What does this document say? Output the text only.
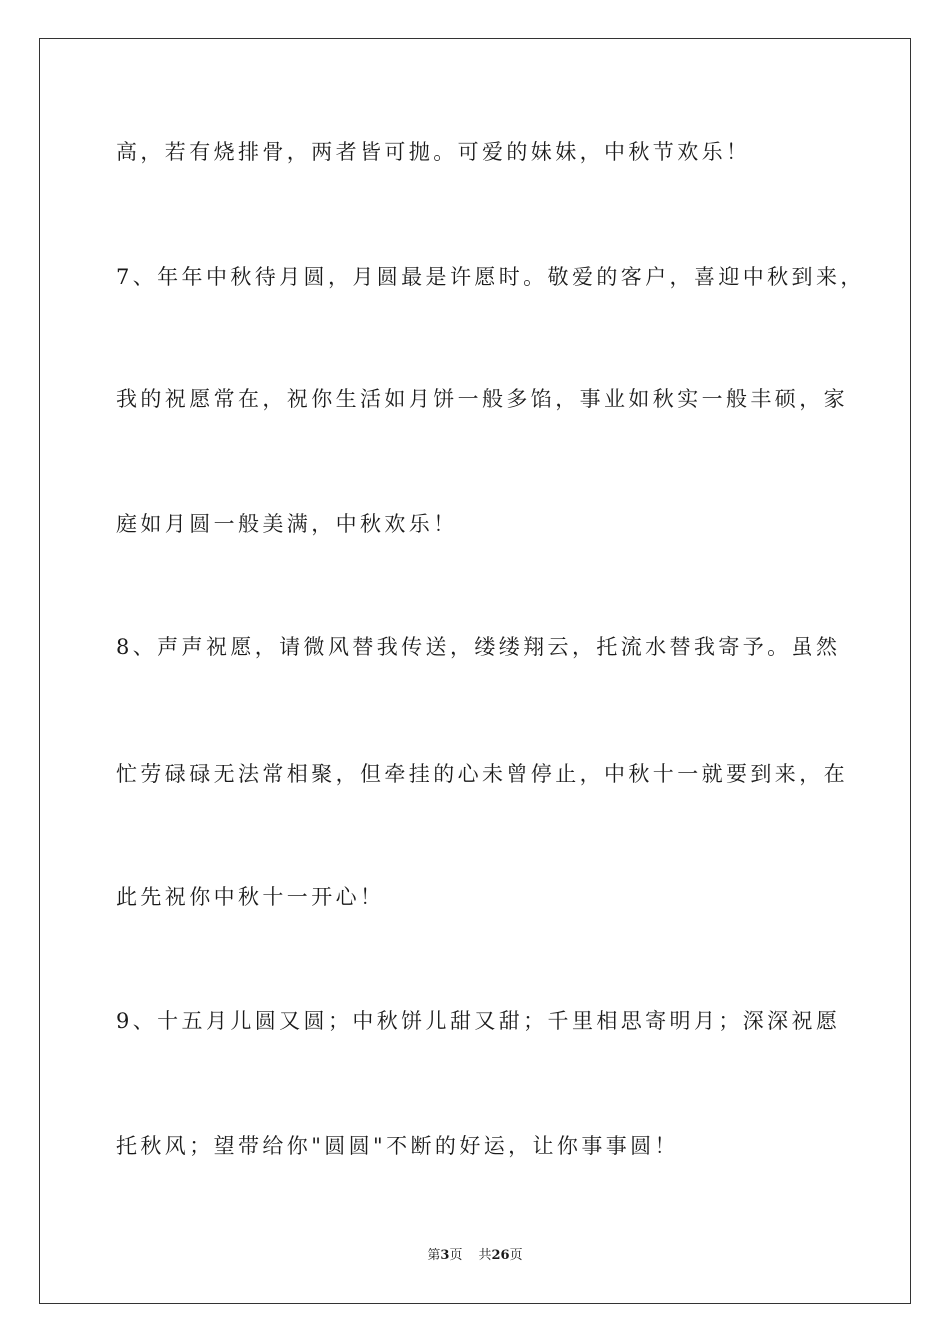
高，若有烧排骨，两者皆可抛。可爱的妹妹，中秋节欢乐！
7、年年中秋待月圆，月圆最是许愿时。敬爱的客户，喜迎中秋到来，
我的祝愿常在，祝你生活如月饼一般多馅，事业如秋实一般丰硕，家
庭如月圆一般美满，中秋欢乐！
8、声声祝愿，请微风替我传送，缕缕翔云，托流水替我寄予。虽然
忙劳碌碌无法常相聚，但牵挂的心未曾停止，中秋十一就要到来，在
此先祝你中秋十一开心！
9、十五月儿圆又圆；中秋饼儿甜又甜；千里相思寄明月；深深祝愿
托秋风；望带给你"圆圆"不断的好运，让你事事圆！
第3页 共26页
